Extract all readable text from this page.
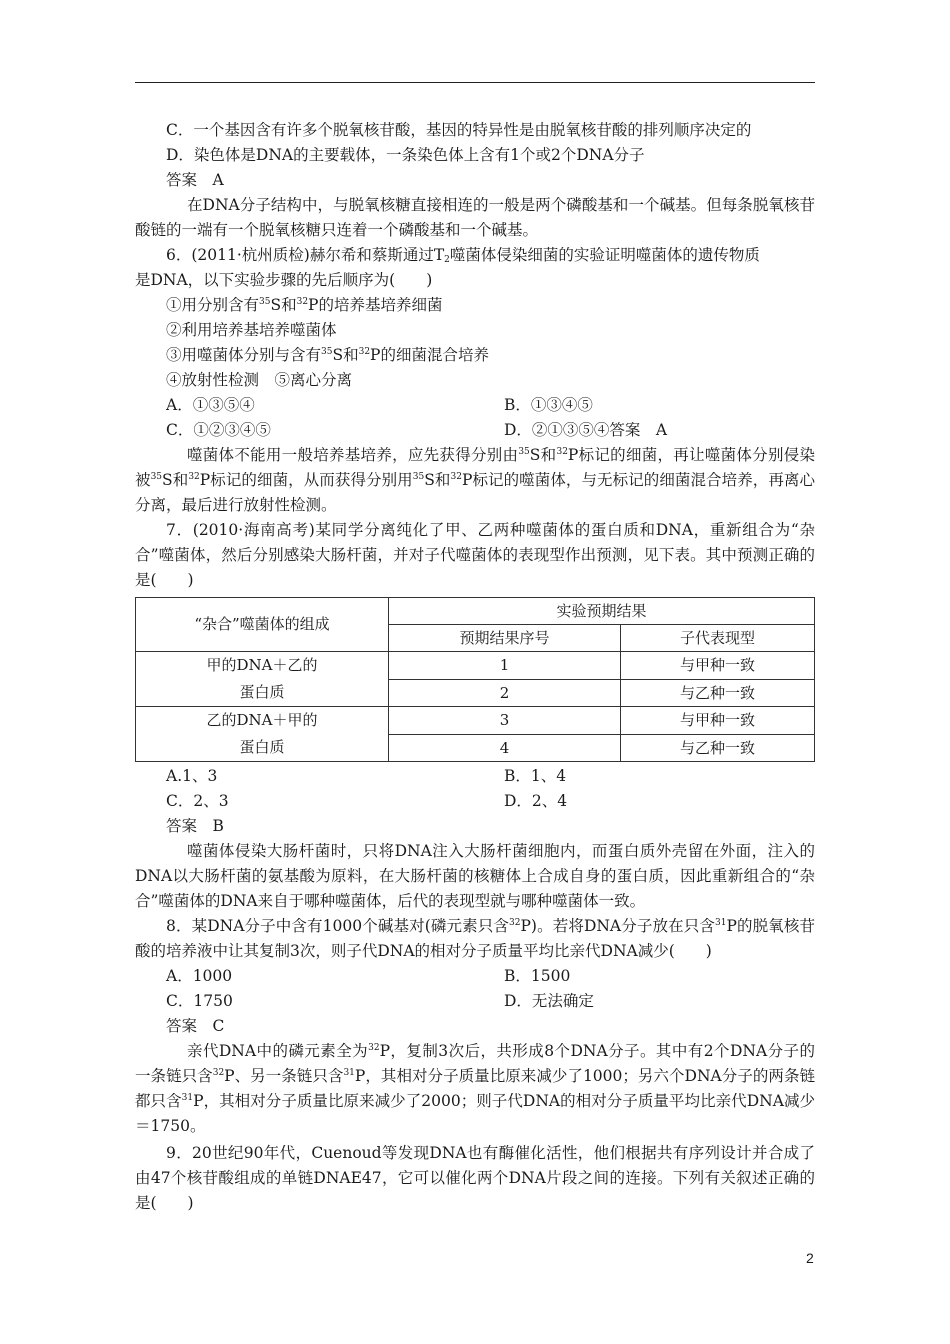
C．一个基因含有许多个脱氧核苷酸，基因的特异性是由脱氧核苷酸的排列顺序决定的
D．染色体是DNA的主要载体，一条染色体上含有1个或2个DNA分子
答案　A
在DNA分子结构中，与脱氧核糖直接相连的一般是两个磷酸基和一个碱基。但每条脱氧核苷酸链的一端有一个脱氧核糖只连着一个磷酸基和一个碱基。
6．(2011·杭州质检)赫尔希和蔡斯通过$T_2$噬菌体侵染细菌的实验证明噬菌体的遗传物质
是DNA，以下实验步骤的先后顺序为(　　)
①用分别含有$^{35}$S和$^{32}$P的培养基培养细菌
②利用培养基培养噬菌体
③用噬菌体分别与含有$^{35}$S和$^{32}$P的细菌混合培养
④放射性检测　⑤离心分离
A．①③⑤④	B．①③④⑤
C．①②③④⑤	D．②①③⑤④答案　A
噬菌体不能用一般培养基培养，应先获得分别由$^{35}$S和$^{32}$P标记的细菌，再让噬菌体分别侵染被$^{35}$S和$^{32}$P标记的细菌，从而获得分别用$^{35}$S和$^{32}$P标记的噬菌体，与无标记的细菌混合培养，再离心分离，最后进行放射性检测。
7．(2010·海南高考)某同学分离纯化了甲、乙两种噬菌体的蛋白质和DNA，重新组合为“杂合”噬菌体，然后分别感染大肠杆菌，并对子代噬菌体的表现型作出预测，见下表。其中预测正确的是(　　)
“杂合”噬菌体的组成	实验预期结果	
	预期结果序号	子代表现型
甲的DNA＋乙的
蛋白质	1	与甲种一致
	2	与乙种一致
乙的DNA＋甲的
蛋白质	3	与甲种一致
	4	与乙种一致
A.1、3	B．1、4
C．2、3	D．2、4
答案　B
噬菌体侵染大肠杆菌时，只将DNA注入大肠杆菌细胞内，而蛋白质外壳留在外面，注入的DNA以大肠杆菌的氨基酸为原料，在大肠杆菌的核糖体上合成自身的蛋白质，因此重新组合的“杂合”噬菌体的DNA来自于哪种噬菌体，后代的表现型就与哪种噬菌体一致。
8．某DNA分子中含有1000个碱基对(磷元素只含$^{32}$P)。若将DNA分子放在只含$^{31}$P的脱氧核苷酸的培养液中让其复制3次，则子代DNA的相对分子质量平均比亲代DNA减少(　　)
A．1000	B．1500
C．1750	D．无法确定
答案　C
亲代DNA中的磷元素全为$^{32}$P，复制3次后，共形成8个DNA分子。其中有2个DNA分子的一条链只含$^{32}$P、另一条链只含$^{31}$P，其相对分子质量比原来减少了1000；另六个DNA分子的两条链都只含$^{31}$P，其相对分子质量比原来减少了2000；则子代DNA的相对分子质量平均比亲代DNA减少＝1750。
9．20世纪90年代，Cuenoud等发现DNA也有酶催化活性，他们根据共有序列设计并合成了由47个核苷酸组成的单链DNAE47，它可以催化两个DNA片段之间的连接。下列有关叙述正确的是(　　)
2
